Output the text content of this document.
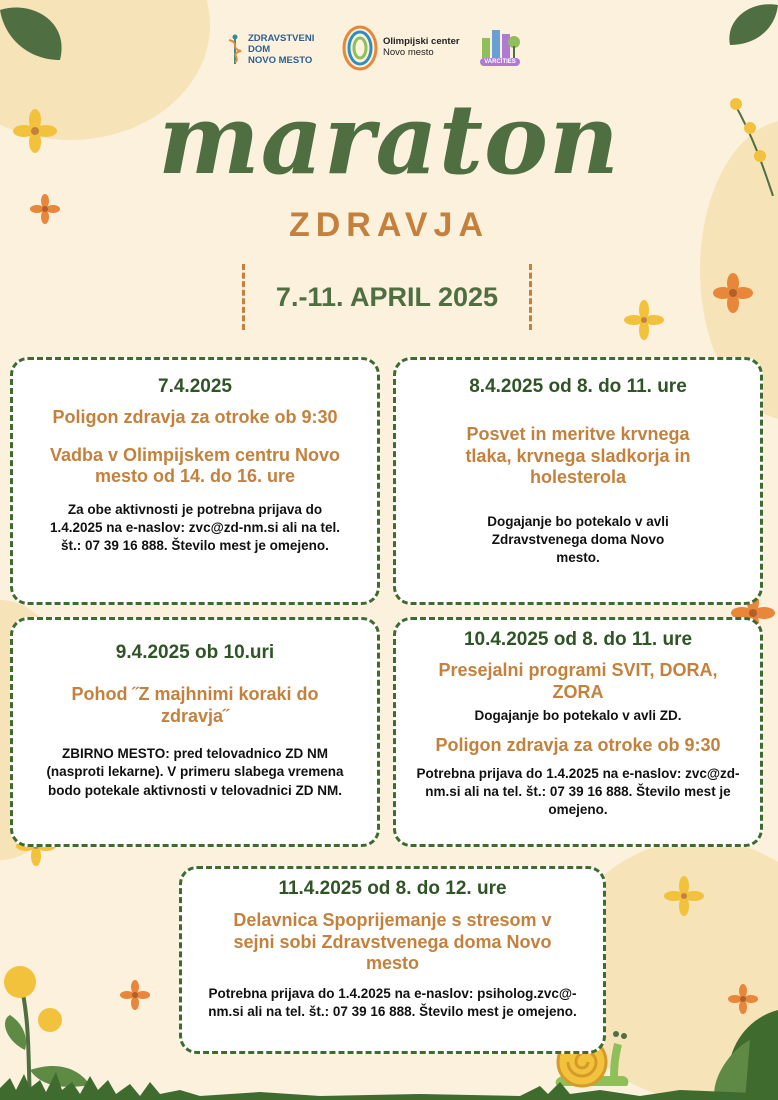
ZDRAVSTVENI
DOM
NOVO MESTO
Olimpijski center
Novo mesto
VARCITIES
maraton
ZDRAVJA
7.-11. APRIL 2025
7.4.2025
Poligon zdravja za otroke ob 9:30
Vadba v Olimpijskem centru Novo mesto od 14. do 16. ure
Za obe aktivnosti je potrebna prijava do 1.4.2025 na e-naslov: zvc@zd-nm.si ali na tel. št.: 07 39 16 888. Število mest je omejeno.
8.4.2025 od 8. do 11. ure
Posvet in meritve krvnega tlaka, krvnega sladkorja in holesterola
Dogajanje bo potekalo v avli Zdravstvenega doma Novo mesto.
9.4.2025 ob 10.uri
Pohod ˝Z majhnimi koraki do zdravja˝
ZBIRNO MESTO: pred telovadnico ZD NM (nasproti lekarne). V primeru slabega vremena bodo potekale aktivnosti v telovadnici ZD NM.
10.4.2025 od 8. do 11. ure
Presejalni programi SVIT, DORA, ZORA
Dogajanje bo potekalo v avli ZD.
Poligon zdravja za otroke ob 9:30
Potrebna prijava do 1.4.2025 na e-naslov: zvc@zd-nm.si ali na tel. št.: 07 39 16 888. Število mest je omejeno.
11.4.2025 od 8. do 12. ure
Delavnica Spoprijemanje s stresom v sejni sobi Zdravstvenega doma Novo mesto
Potrebna prijava do 1.4.2025 na e-naslov: psiholog.zvc@-nm.si ali na tel. št.: 07 39 16 888. Število mest je omejeno.
